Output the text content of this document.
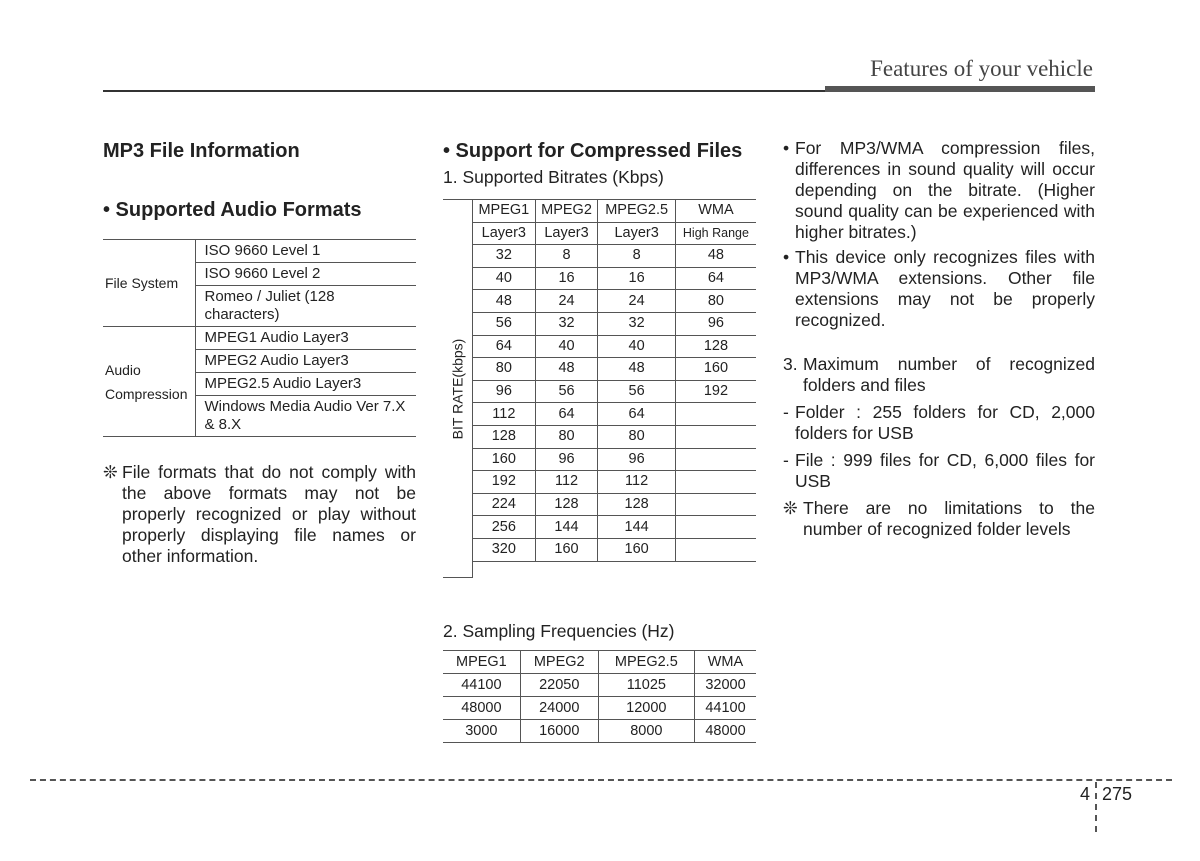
Features of your vehicle

MP3 File Information

• Supported Audio Formats

File System	ISO 9660 Level 1
	ISO 9660 Level 2
	Romeo / Juliet (128 characters)

Audio
Compression	MPEG1 Audio Layer3
	MPEG2 Audio Layer3
	MPEG2.5 Audio Layer3
	Windows Media Audio Ver 7.X & 8.X
❊ File formats that do not comply with the above formats may not be properly recognized or play without properly displaying file names or other information.

• Support for Compressed Files

1. Supported Bitrates (Kbps)

BIT RATE(kbps)
MPEG1	MPEG2	MPEG2.5	WMA
Layer3	Layer3	Layer3	High Range
32	8	8	48
40	16	16	64
48	24	24	80
56	32	32	96
64	40	40	128
80	48	48	160
96	56	56	192
112	64	64	
128	80	80	
160	96	96	
192	112	112	
224	128	128	
256	144	144	
320	160	160	

2. Sampling Frequencies (Hz)

MPEG1	MPEG2	MPEG2.5	WMA
44100	22050	11025	32000
48000	24000	12000	44100
3000	16000	8000	48000
• For MP3/WMA compression files, differences in sound quality will occur depending on the bitrate. (Higher sound quality can be experienced with higher bitrates.)
• This device only recognizes files with MP3/WMA extensions. Other file extensions may not be properly recognized.
3. Maximum number of recognized folders and files
- Folder : 255 folders for CD, 2,000 folders for USB
- File : 999 files for CD, 6,000 files for USB
❊ There are no limitations to the number of recognized folder levels
4 275
